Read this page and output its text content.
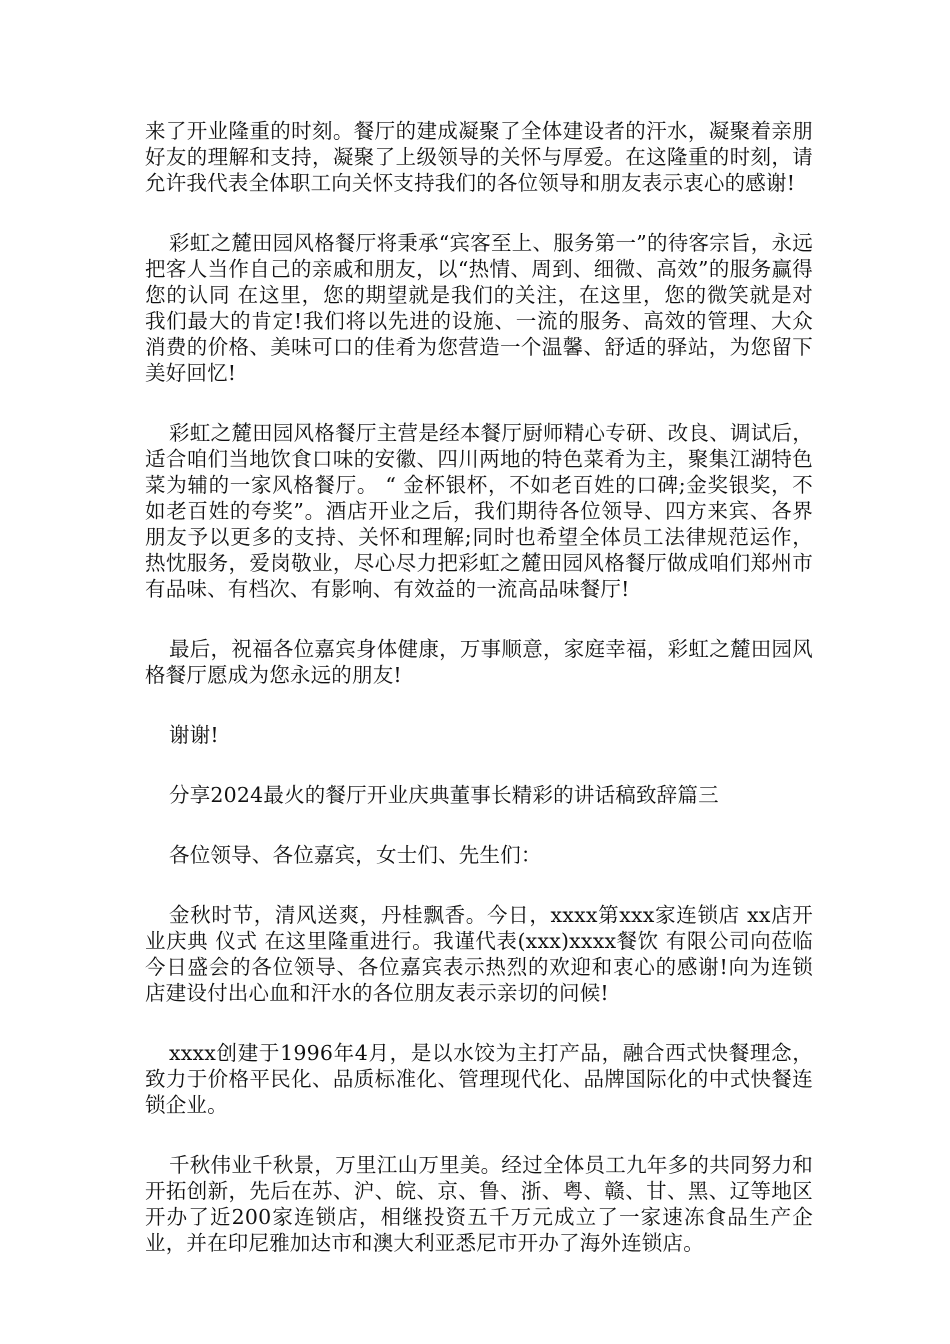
来了开业隆重的时刻。餐厅的建成凝聚了全体建设者的汗水，凝聚着亲朋好友的理解和支持，凝聚了上级领导的关怀与厚爱。在这隆重的时刻，请允许我代表全体职工向关怀支持我们的各位领导和朋友表示衷心的感谢!

彩虹之麓田园风格餐厅将秉承“宾客至上、服务第一”的待客宗旨，永远把客人当作自己的亲戚和朋友，以“热情、周到、细微、高效”的服务赢得您的认同 在这里，您的期望就是我们的关注，在这里，您的微笑就是对我们最大的肯定!我们将以先进的设施、一流的服务、高效的管理、大众消费的价格、美味可口的佳肴为您营造一个温馨、舒适的驿站，为您留下美好回忆!

彩虹之麓田园风格餐厅主营是经本餐厅厨师精心专研、改良、调试后，适合咱们当地饮食口味的安徽、四川两地的特色菜肴为主，聚集江湖特色菜为辅的一家风格餐厅。 “ 金杯银杯，不如老百姓的口碑;金奖银奖，不如老百姓的夸奖”。酒店开业之后，我们期待各位领导、四方来宾、各界朋友予以更多的支持、关怀和理解;同时也希望全体员工法律规范运作，热忱服务，爱岗敬业，尽心尽力把彩虹之麓田园风格餐厅做成咱们郑州市有品味、有档次、有影响、有效益的一流高品味餐厅!

最后，祝福各位嘉宾身体健康，万事顺意，家庭幸福，彩虹之麓田园风格餐厅愿成为您永远的朋友!

谢谢!

分享2024最火的餐厅开业庆典董事长精彩的讲话稿致辞篇三

各位领导、各位嘉宾，女士们、先生们：

金秋时节，清风送爽，丹桂飘香。今日，xxxx第xxx家连锁店 xx店开业庆典 仪式 在这里隆重进行。我谨代表(xxx)xxxx餐饮 有限公司向莅临今日盛会的各位领导、各位嘉宾表示热烈的欢迎和衷心的感谢!向为连锁店建设付出心血和汗水的各位朋友表示亲切的问候!

xxxx创建于1996年4月，是以水饺为主打产品，融合西式快餐理念，致力于价格平民化、品质标准化、管理现代化、品牌国际化的中式快餐连锁企业。

千秋伟业千秋景，万里江山万里美。经过全体员工九年多的共同努力和开拓创新，先后在苏、沪、皖、京、鲁、浙、粤、赣、甘、黑、辽等地区开办了近200家连锁店，相继投资五千万元成立了一家速冻食品生产企业，并在印尼雅加达市和澳大利亚悉尼市开办了海外连锁店。
